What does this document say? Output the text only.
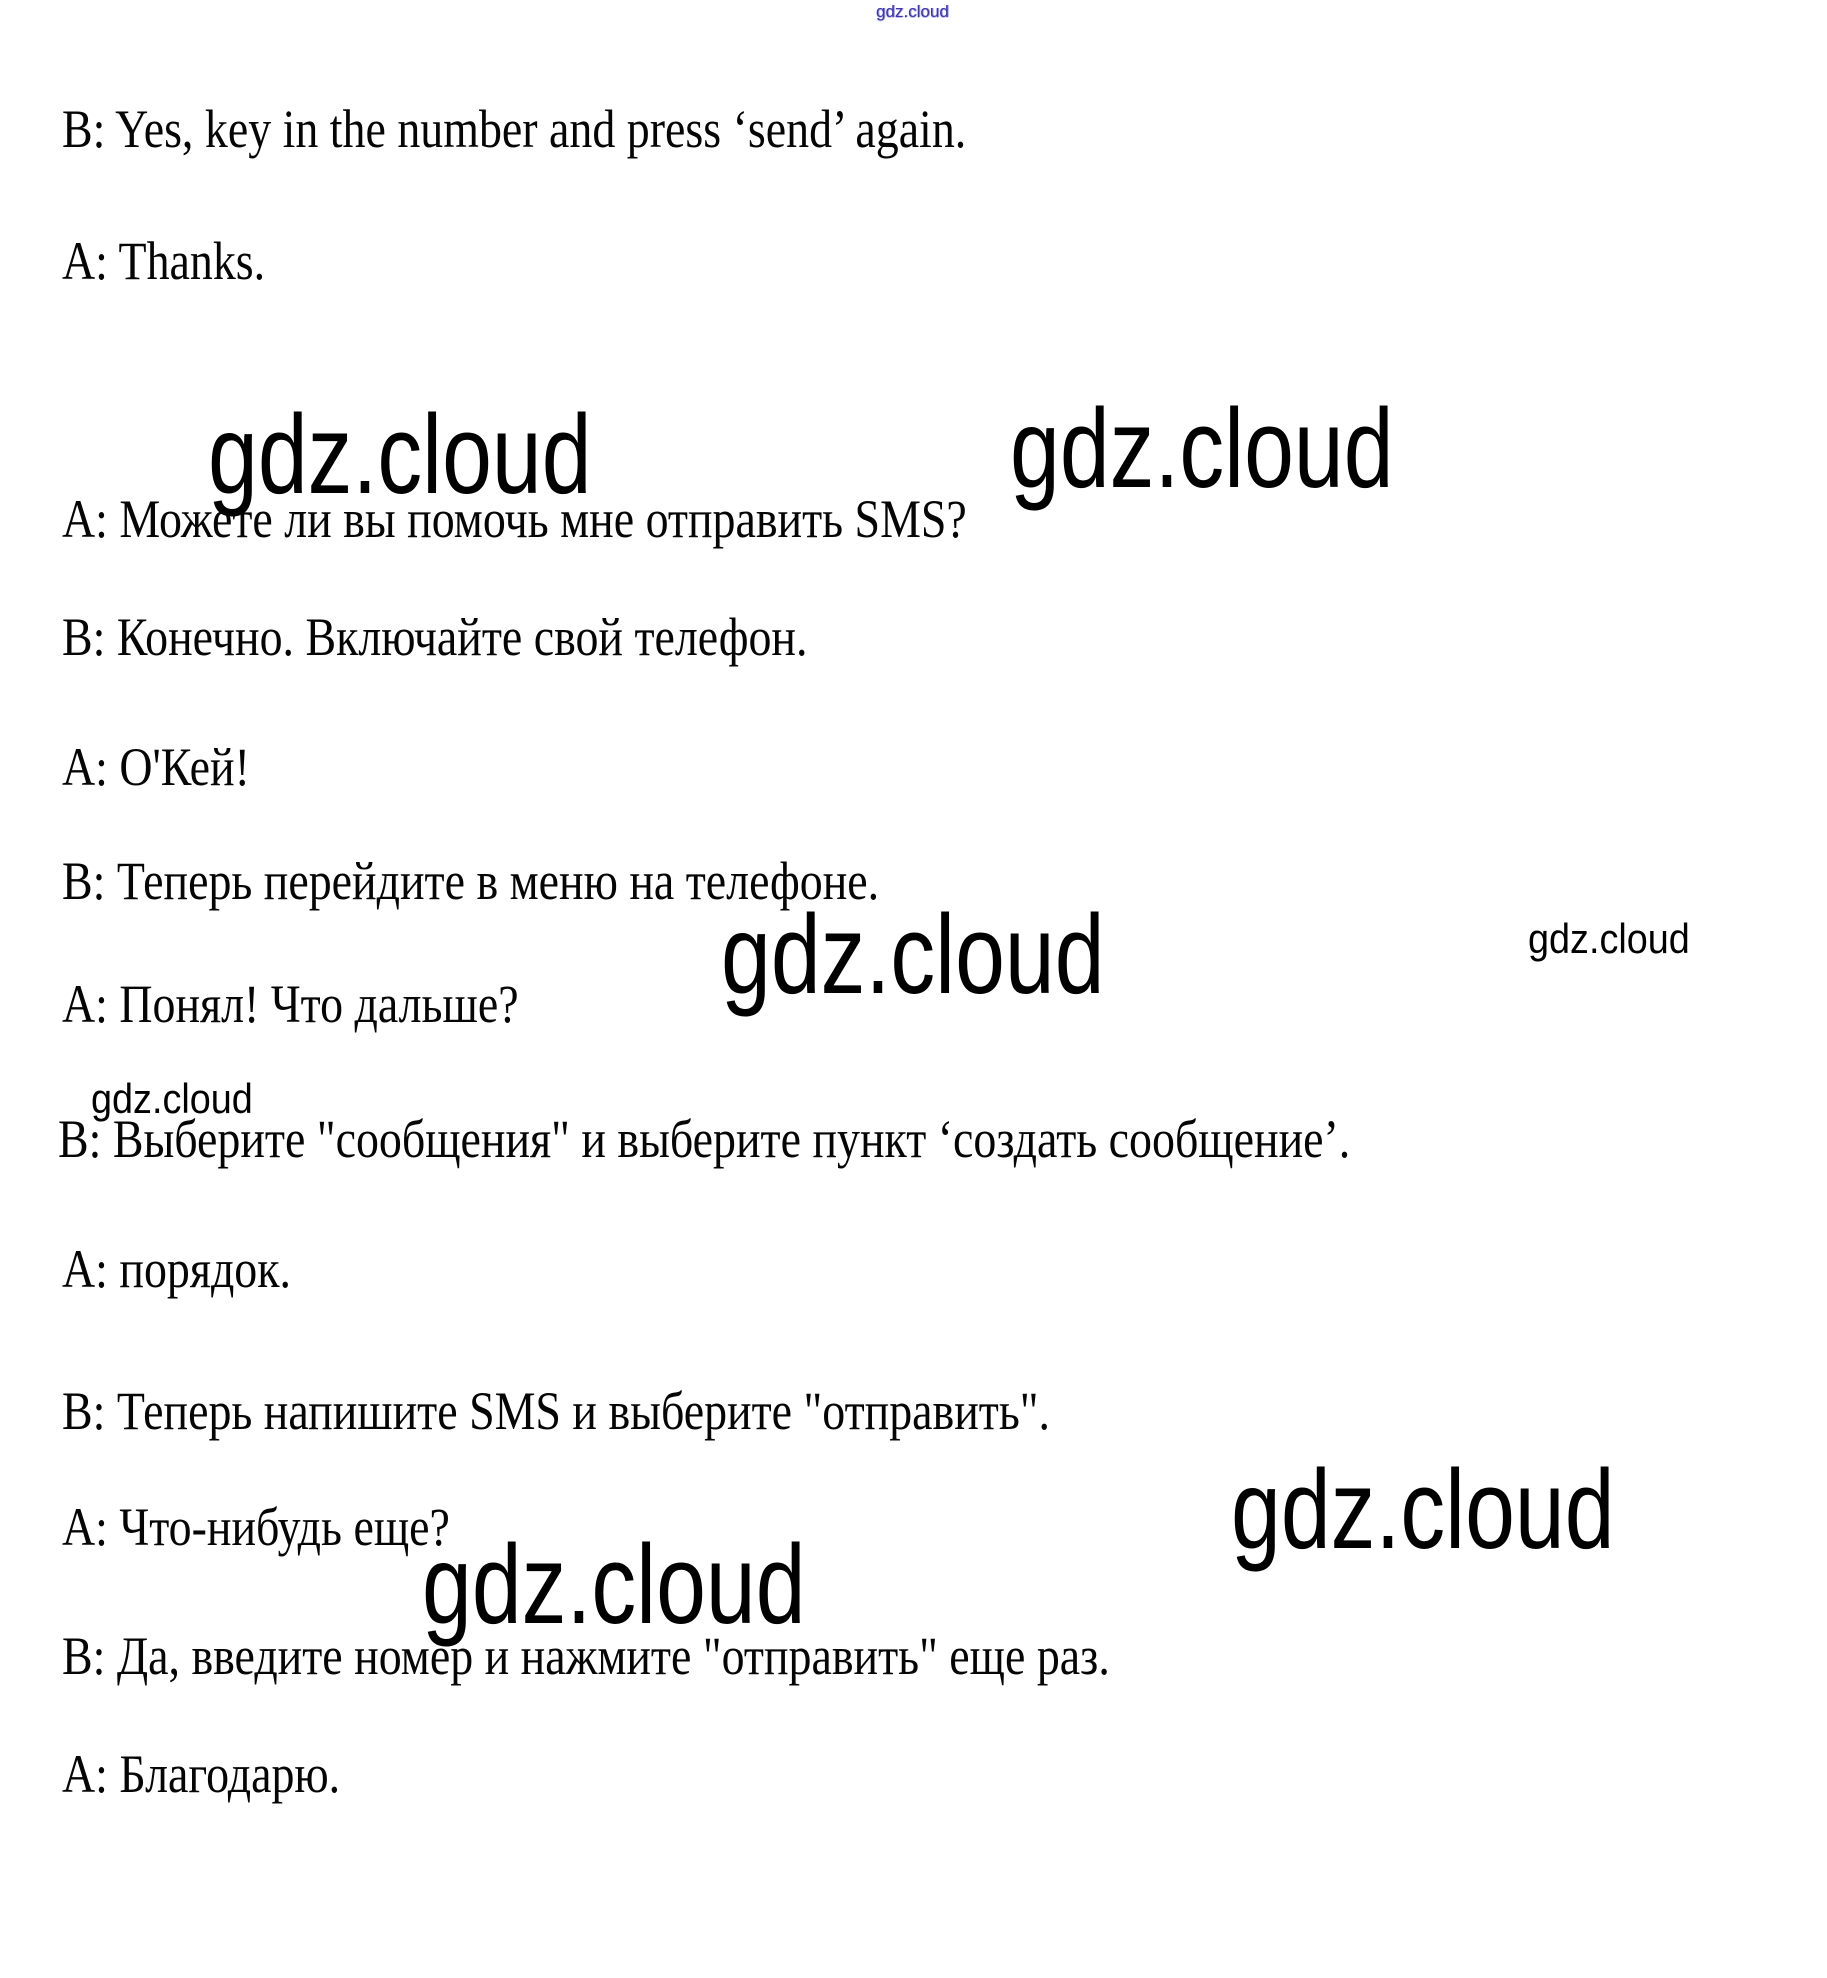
gdz.cloud
B: Yes, key in the number and press ‘send’ again.
A: Thanks.
gdz.cloud	gdz.cloud
А: Можете ли вы помочь мне отправить SMS?
В: Конечно. Включайте свой телефон.
А: О'Кей!
В: Теперь перейдите в меню на телефоне.
gdz.cloud
gdz.cloud
А: Понял! Что дальше?
gdz.cloud
В: Выберите "сообщения" и выберите пункт ‘создать сообщение’.
А: порядок.
В: Теперь напишите SMS и выберите "отправить".
gdz.cloud
А: Что-нибудь еще?
gdz.cloud
В: Да, введите номер и нажмите "отправить" еще раз.
А: Благодарю.
